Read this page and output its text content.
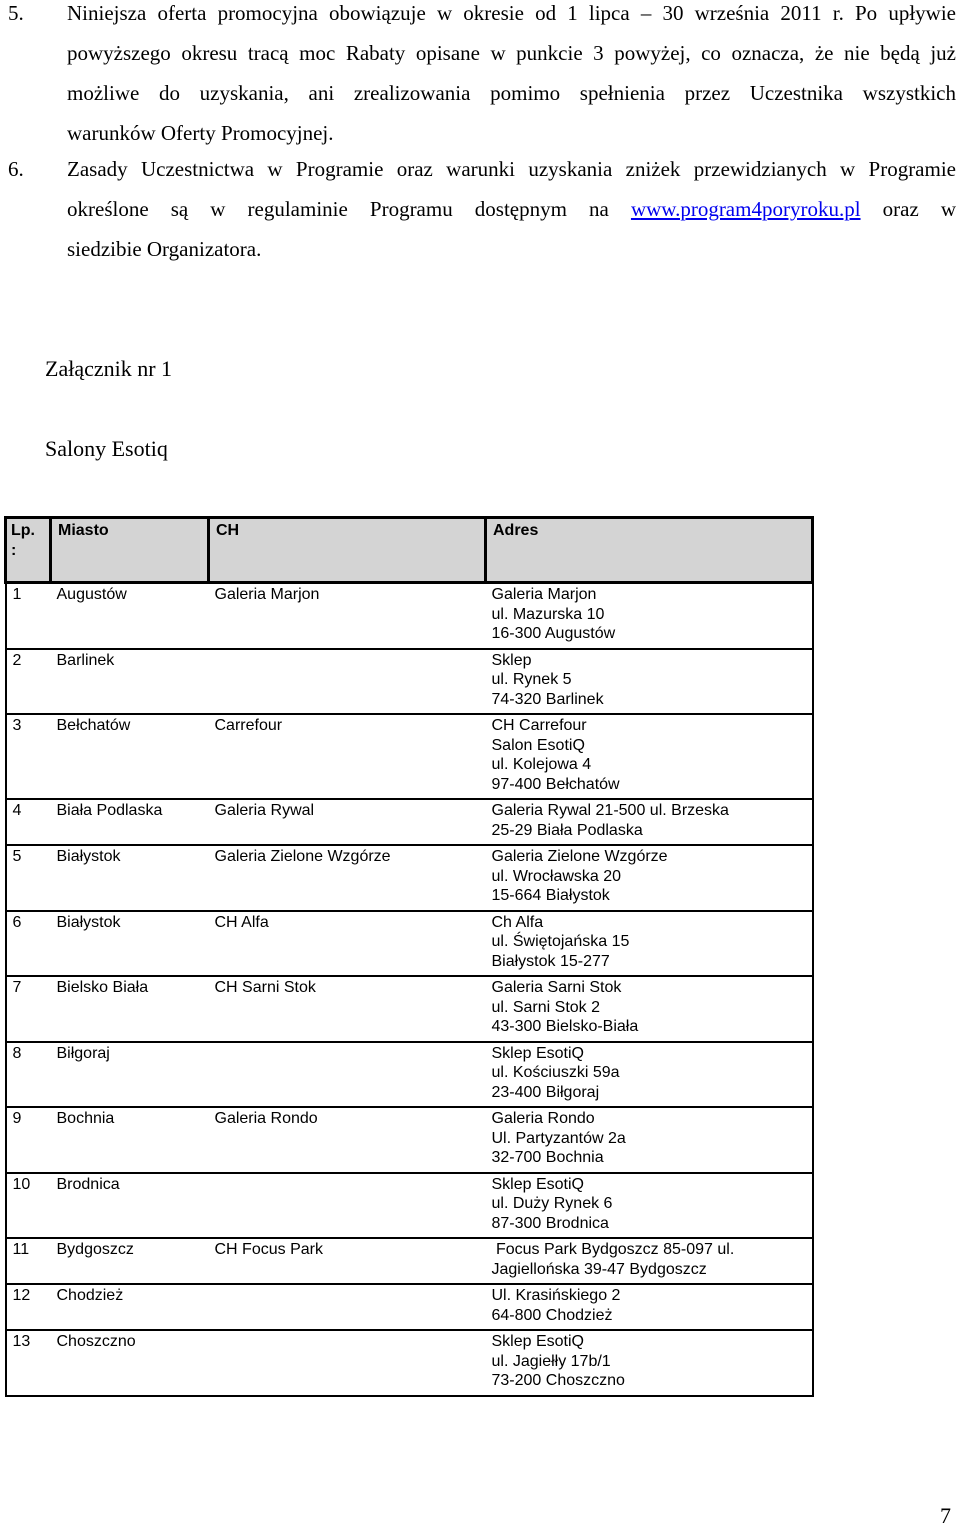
5. Niniejsza oferta promocyjna obowiązuje w okresie od 1 lipca – 30 września 2011 r. Po upływie
powyższego okresu tracą moc Rabaty opisane w punkcie 3 powyżej, co oznacza, że nie będą już
możliwe do uzyskania, ani zrealizowania pomimo spełnienia przez Uczestnika wszystkich
warunków Oferty Promocyjnej.
6. Zasady Uczestnictwa w Programie oraz warunki uzyskania zniżek przewidzianych w Programie
określone są w regulaminie Programu dostępnym na www.program4poryroku.pl oraz w
siedzibie Organizatora.
Załącznik nr 1
Salony Esotiq
Lp.
:	Miasto	CH	Adres
1	Augustów	Galeria Marjon	Galeria Marjon
ul. Mazurska 10
16-300 Augustów

2	Barlinek		Sklep
ul. Rynek 5
74-320 Barlinek

3	Bełchatów	Carrefour	CH Carrefour
Salon EsotiQ
ul. Kolejowa 4
97-400 Bełchatów

4	Biała Podlaska	Galeria Rywal	Galeria Rywal 21-500 ul. Brzeska
25-29 Biała Podlaska

5	Białystok	Galeria Zielone Wzgórze	Galeria Zielone Wzgórze
ul. Wrocławska 20
15-664 Białystok

6	Białystok	CH Alfa	Ch Alfa
ul. Świętojańska 15
Białystok 15-277

7	Bielsko Biała	CH Sarni Stok	Galeria Sarni Stok
ul. Sarni Stok 2
43-300 Bielsko-Biała

8	Biłgoraj		Sklep EsotiQ
ul. Kościuszki 59a
23-400 Biłgoraj

9	Bochnia	Galeria Rondo	Galeria Rondo
Ul. Partyzantów 2a
32-700 Bochnia

10	Brodnica		Sklep EsotiQ
ul. Duży Rynek 6
87-300 Brodnica

11	Bydgoszcz	CH Focus Park	Focus Park Bydgoszcz 85-097 ul.
Jagiellońska 39-47 Bydgoszcz

12	Chodzież		Ul. Krasińskiego 2
64-800 Chodzież

13	Choszczno		Sklep EsotiQ
ul. Jagiełły 17b/1
73-200 Choszczno
7
